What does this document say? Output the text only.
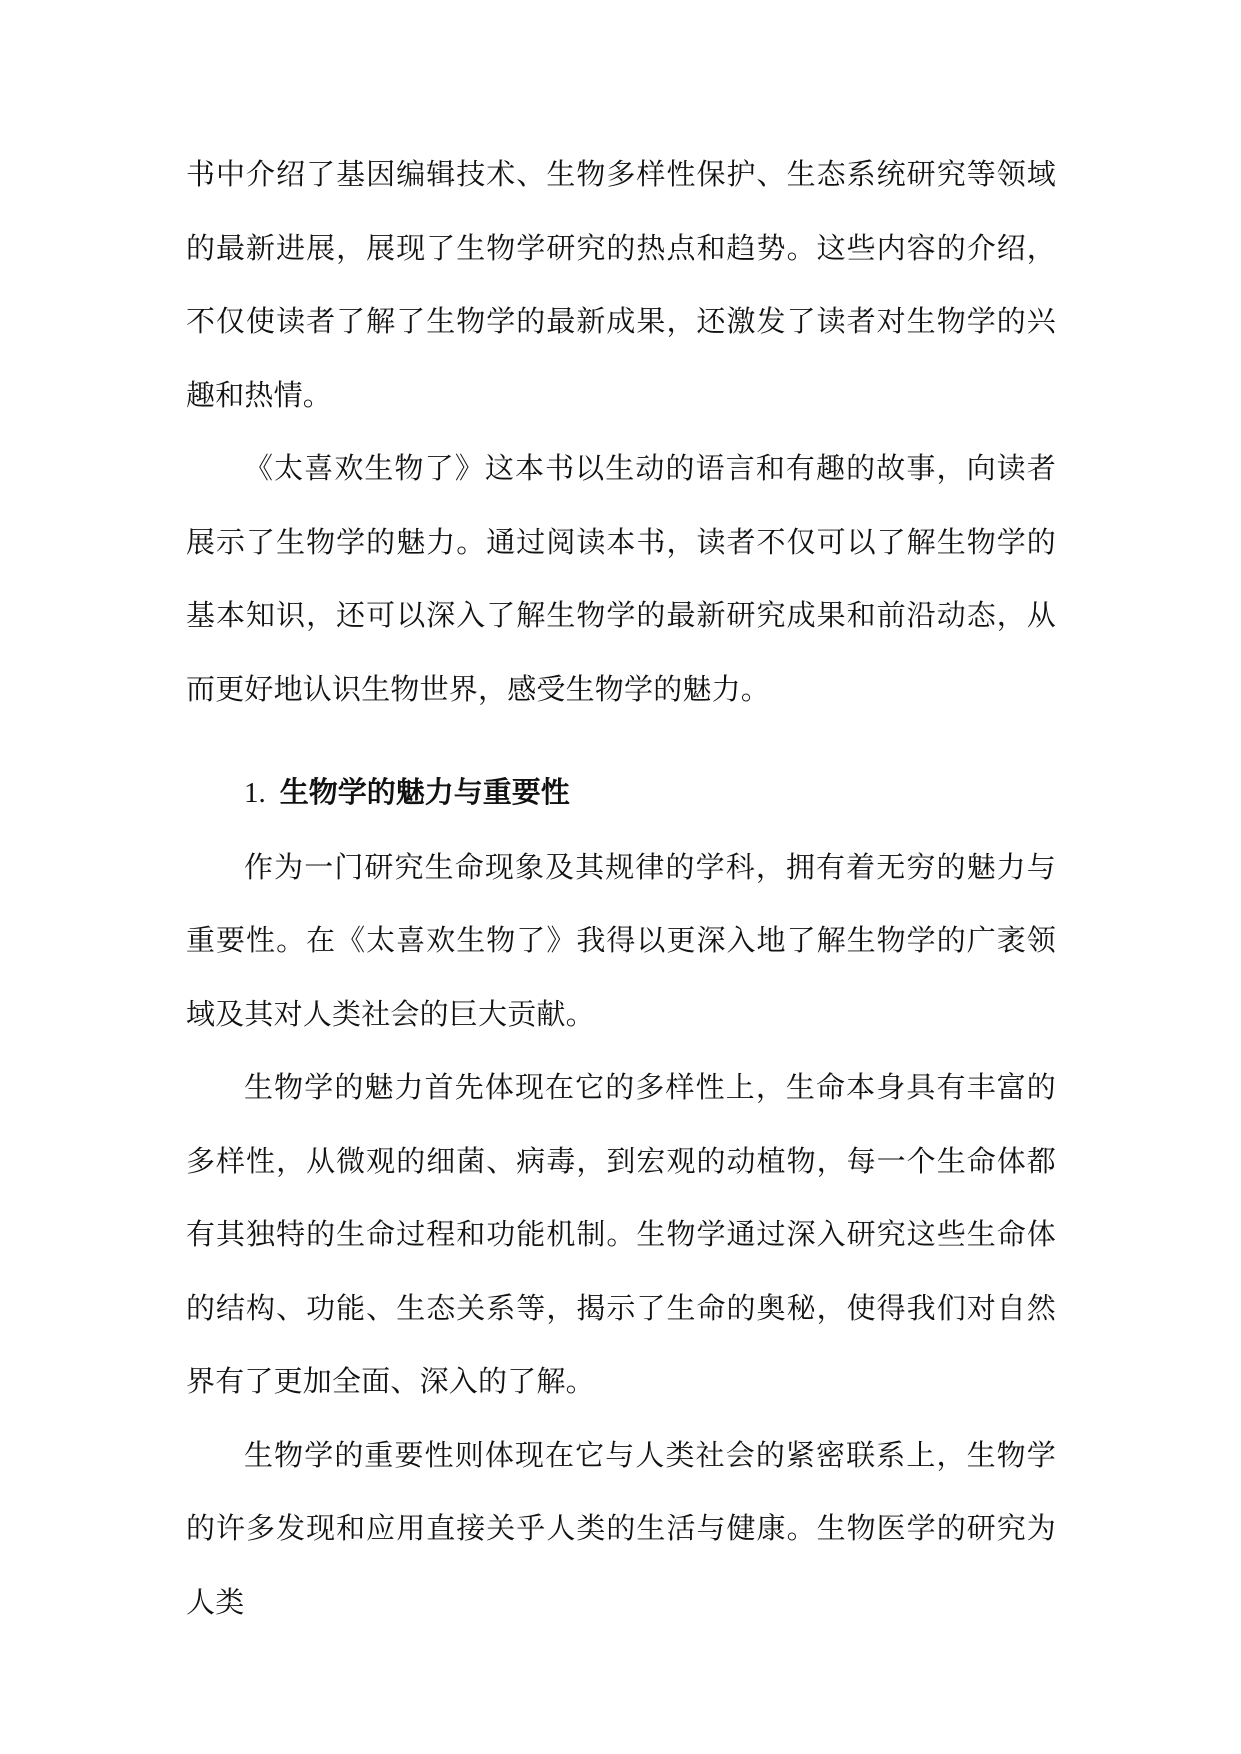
书中介绍了基因编辑技术、生物多样性保护、生态系统研究等领域的最新进展，展现了生物学研究的热点和趋势。这些内容的介绍，不仅使读者了解了生物学的最新成果，还激发了读者对生物学的兴趣和热情。

《太喜欢生物了》这本书以生动的语言和有趣的故事，向读者展示了生物学的魅力。通过阅读本书，读者不仅可以了解生物学的基本知识，还可以深入了解生物学的最新研究成果和前沿动态，从而更好地认识生物世界，感受生物学的魅力。

1. 生物学的魅力与重要性

作为一门研究生命现象及其规律的学科，拥有着无穷的魅力与重要性。在《太喜欢生物了》我得以更深入地了解生物学的广袤领域及其对人类社会的巨大贡献。

生物学的魅力首先体现在它的多样性上，生命本身具有丰富的多样性，从微观的细菌、病毒，到宏观的动植物，每一个生命体都有其独特的生命过程和功能机制。生物学通过深入研究这些生命体的结构、功能、生态关系等，揭示了生命的奥秘，使得我们对自然界有了更加全面、深入的了解。

生物学的重要性则体现在它与人类社会的紧密联系上，生物学的许多发现和应用直接关乎人类的生活与健康。生物医学的研究为人类
